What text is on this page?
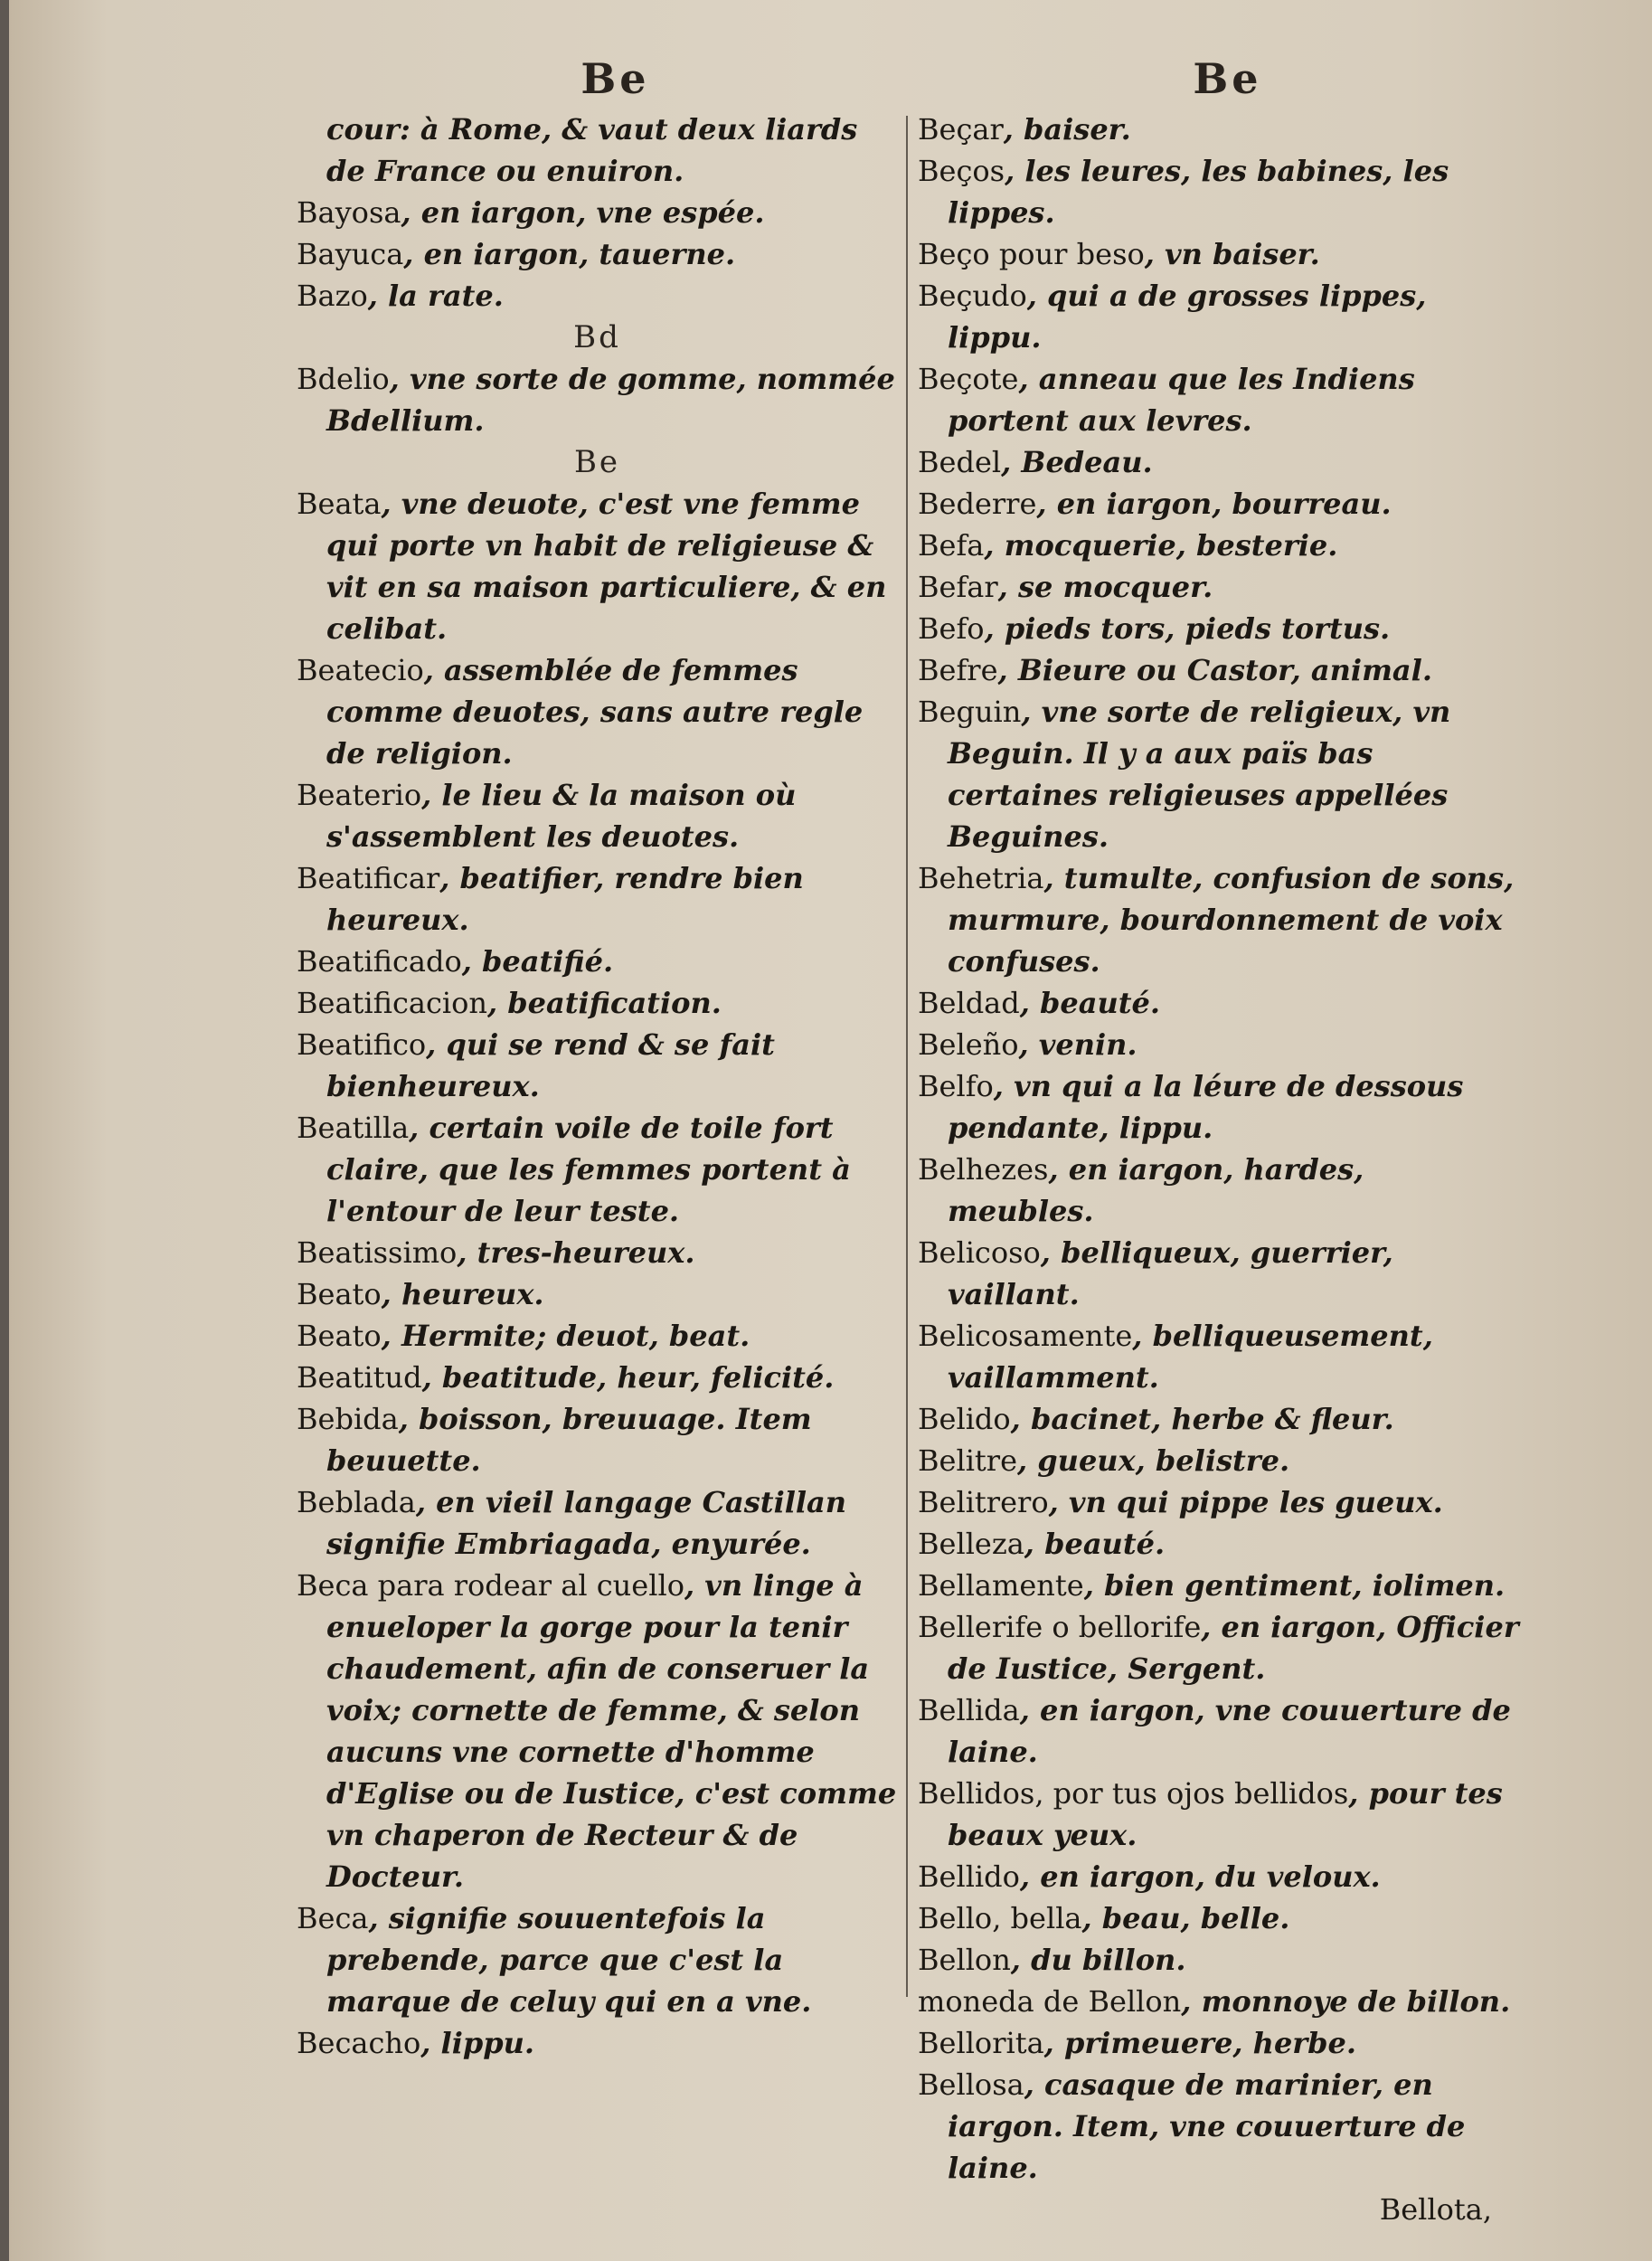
Be
cour: à Rome, & vaut deux liards
de France ou enuiron.
Bayosa, en iargon, vne espée.
Bayuca, en iargon, tauerne.
Bazo, la rate.
Bd
Bdelio, vne sorte de gomme, nommée Bdellium.
Be
Beata, vne deuote, c'est vne femme qui porte vn habit de religieuse & vit en sa maison particuliere, & en celibat.
Beatecio, assemblée de femmes comme deuotes, sans autre regle de religion.
Beaterio, le lieu & la maison où s'assemblent les deuotes.
Beatificar, beatifier, rendre bien heureux.
Beatificado, beatifié.
Beatificacion, beatification.
Beatifico, qui se rend & se fait bienheureux.
Beatilla, certain voile de toile fort claire, que les femmes portent à l'entour de leur teste.
Beatissimo, tres-heureux.
Beato, heureux.
Beato, Hermite; deuot, beat.
Beatitud, beatitude, heur, felicité.
Bebida, boisson, breuuage. Item beuuette.
Beblada, en vieil langage Castillan signifie Embriagada, enyurée.
Beca para rodear al cuello, vn linge à enueloper la gorge pour la tenir chaudement, afin de conseruer la voix; cornette de femme, & selon aucuns vne cornette d'homme d'Eglise ou de Iustice, c'est comme vn chaperon de Recteur & de Docteur.
Beca, signifie souuentefois la prebende, parce que c'est la marque de celuy qui en a vne.
Becacho, lippu.
Be
Beçar, baiser.
Beços, les leures, les babines, les lippes.
Beço pour beso, vn baiser.
Beçudo, qui a de grosses lippes, lippu.
Beçote, anneau que les Indiens portent aux levres.
Bedel, Bedeau.
Bederre, en iargon, bourreau.
Befa, mocquerie, besterie.
Befar, se mocquer.
Befo, pieds tors, pieds tortus.
Befre, Bieure ou Castor, animal.
Beguin, vne sorte de religieux, vn Beguin. Il y a aux païs bas certaines religieuses appellées Beguines.
Behetria, tumulte, confusion de sons, murmure, bourdonnement de voix confuses.
Beldad, beauté.
Beleño, venin.
Belfo, vn qui a la léure de dessous pendante, lippu.
Belhezes, en iargon, hardes, meubles.
Belicoso, belliqueux, guerrier, vaillant.
Belicosamente, belliqueusement, vaillamment.
Belido, bacinet, herbe & fleur.
Belitre, gueux, belistre.
Belitrero, vn qui pippe les gueux.
Belleza, beauté.
Bellamente, bien gentiment, iolimen.
Bellerife o bellorife, en iargon, Officier de Iustice, Sergent.
Bellida, en iargon, vne couuerture de laine.
Bellidos, por tus ojos bellidos, pour tes beaux yeux.
Bellido, en iargon, du veloux.
Bello, bella, beau, belle.
Bellon, du billon.
moneda de Bellon, monnoye de billon.
Bellorita, primeuere, herbe.
Bellosa, casaque de marinier, en iargon. Item, vne couuerture de laine.
Bellota,
